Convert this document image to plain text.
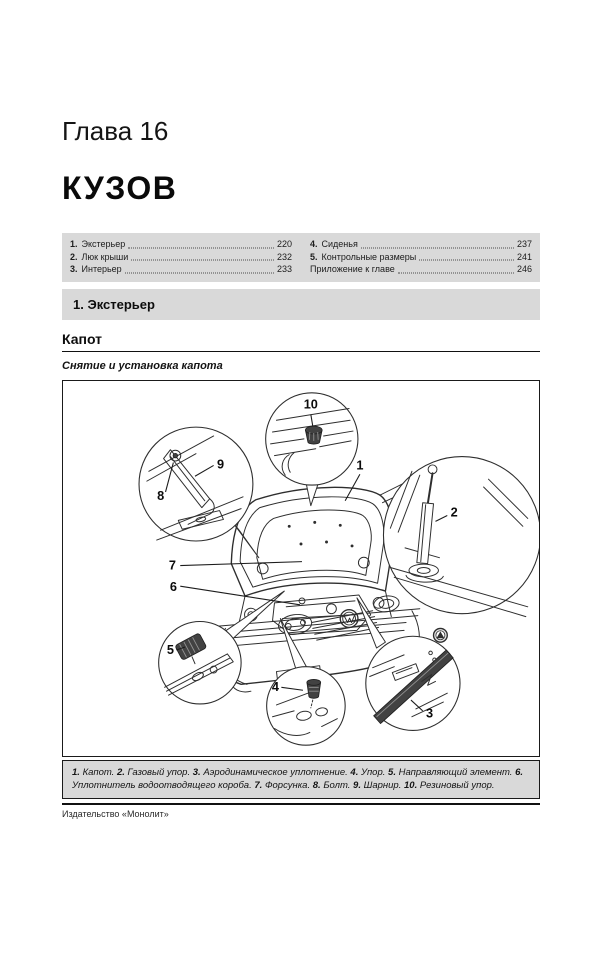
Глава 16
КУЗОВ
1. Экстерьер	220
2. Люк крыши	232
3. Интерьер	233
4. Сиденья	237
5. Контрольные размеры	241
Приложение к главе	246
1. Экстерьер
Капот
Снятие и установка капота
1
2
3
4
5
6
7
8
9
10
1. Капот. 2. Газовый упор. 3. Аэродинамическое уплотнение. 4. Упор. 5. Направляющий элемент. 6. Уплотнитель водоотводящего короба. 7. Форсунка. 8. Болт. 9. Шарнир. 10. Резиновый упор.
Издательство «Монолит»
